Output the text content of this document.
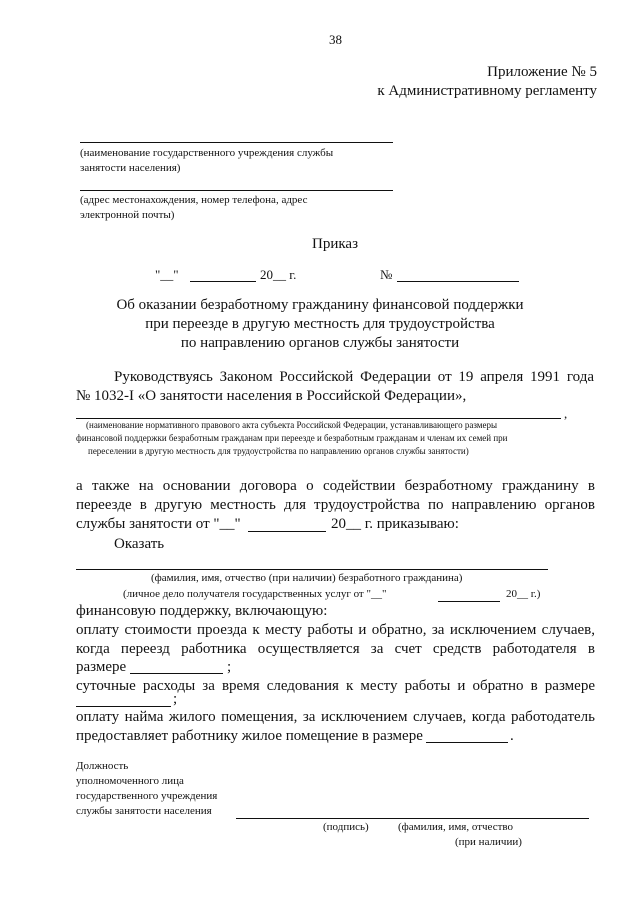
38
Приложение № 5
к Административному регламенту
(наименование государственного учреждения службы
занятости населения)
(адрес местонахождения, номер телефона, адрес
электронной почты)
Приказ
"__"	20__ г.	№
Об оказании безработному гражданину финансовой поддержки
при переезде в другую местность для трудоустройства
по направлению органов службы занятости
Руководствуясь Законом Российской Федерации от 19 апреля 1991 года
№ 1032-I «О занятости населения в Российской Федерации»,
,
(наименование нормативного правового акта субъекта Российской Федерации, устанавливающего размеры
финансовой поддержки безработным гражданам при переезде и безработным гражданам и членам их семей при
переселении в другую местность для трудоустройства по направлению органов службы занятости)
а также на основании договора о содействии безработному гражданину в
переезде в другую местность для трудоустройства по направлению органов
службы занятости от "__"	20__ г. приказываю:
Оказать
(фамилия, имя, отчество (при наличии) безработного гражданина)
(личное дело получателя государственных услуг от "__"	20__ г.)
финансовую поддержку, включающую:
оплату стоимости проезда к месту работы и обратно, за исключением случаев,
когда переезд работника осуществляется за счет средств работодателя в
размере	;
суточные расходы за время следования к месту работы и обратно в размере
;
оплату найма жилого помещения, за исключением случаев, когда работодатель
предоставляет работнику жилое помещение в размере	.
Должность
уполномоченного лица
государственного учреждения
службы занятости населения
(подпись)	(фамилия, имя, отчество
(при наличии)
